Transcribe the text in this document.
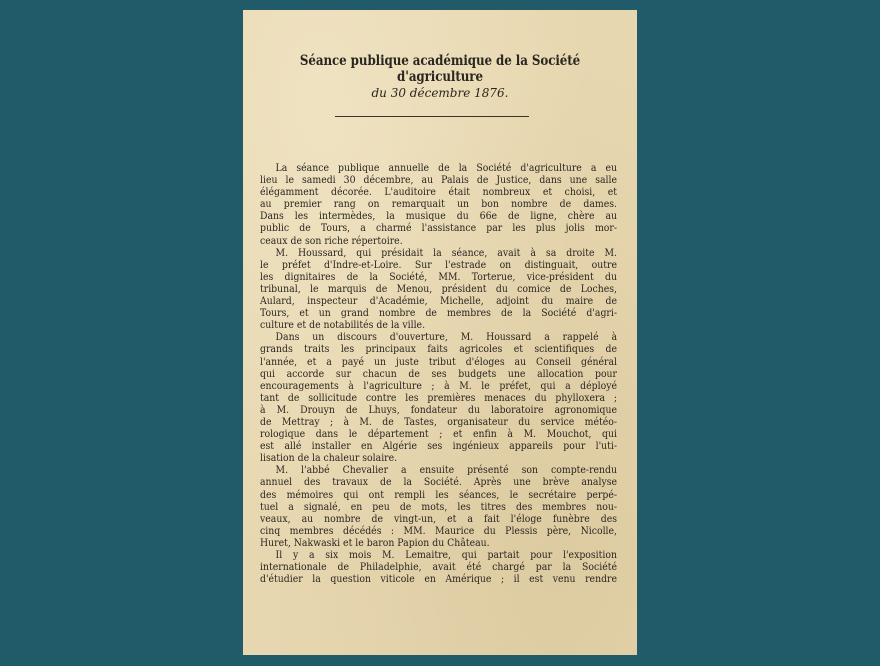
Séance publique académique de la Société d'agriculture
du 30 décembre 1876.
La séance publique annuelle de la Société d'agriculture a eu
lieu le samedi 30 décembre, au Palais de Justice, dans une salle
élégamment décorée. L'auditoire était nombreux et choisi, et
au premier rang on remarquait un bon nombre de dames.
Dans les intermèdes, la musique du 66e de ligne, chère au
public de Tours, a charmé l'assistance par les plus jolis mor-
ceaux de son riche répertoire.
M. Houssard, qui présidait la séance, avait à sa droite M.
le préfet d'Indre-et-Loire. Sur l'estrade on distinguait, outre
les dignitaires de la Société, MM. Torterue, vice-président du
tribunal, le marquis de Menou, président du comice de Loches,
Aulard, inspecteur d'Académie, Michelle, adjoint du maire de
Tours, et un grand nombre de membres de la Société d'agri-
culture et de notabilités de la ville.
Dans un discours d'ouverture, M. Houssard a rappelé à
grands traits les principaux faits agricoles et scientifiques de
l'année, et a payé un juste tribut d'éloges au Conseil général
qui accorde sur chacun de ses budgets une allocation pour
encouragements à l'agriculture ; à M. le préfet, qui a déployé
tant de sollicitude contre les premières menaces du phylloxera ;
à M. Drouyn de Lhuys, fondateur du laboratoire agronomique
de Mettray ; à M. de Tastes, organisateur du service météo-
rologique dans le département ; et enfin à M. Mouchot, qui
est allé installer en Algérie ses ingénieux appareils pour l'uti-
lisation de la chaleur solaire.
M. l'abbé Chevalier a ensuite présenté son compte-rendu
annuel des travaux de la Société. Après une brève analyse
des mémoires qui ont rempli les séances, le secrétaire perpé-
tuel a signalé, en peu de mots, les titres des membres nou-
veaux, au nombre de vingt-un, et a fait l'éloge funèbre des
cinq membres décédés : MM. Maurice du Plessis père, Nicolle,
Huret, Nakwaski et le baron Papion du Château.
Il y a six mois M. Lemaitre, qui partait pour l'exposition
internationale de Philadelphie, avait été chargé par la Société
d'étudier la question viticole en Amérique ; il est venu rendre
